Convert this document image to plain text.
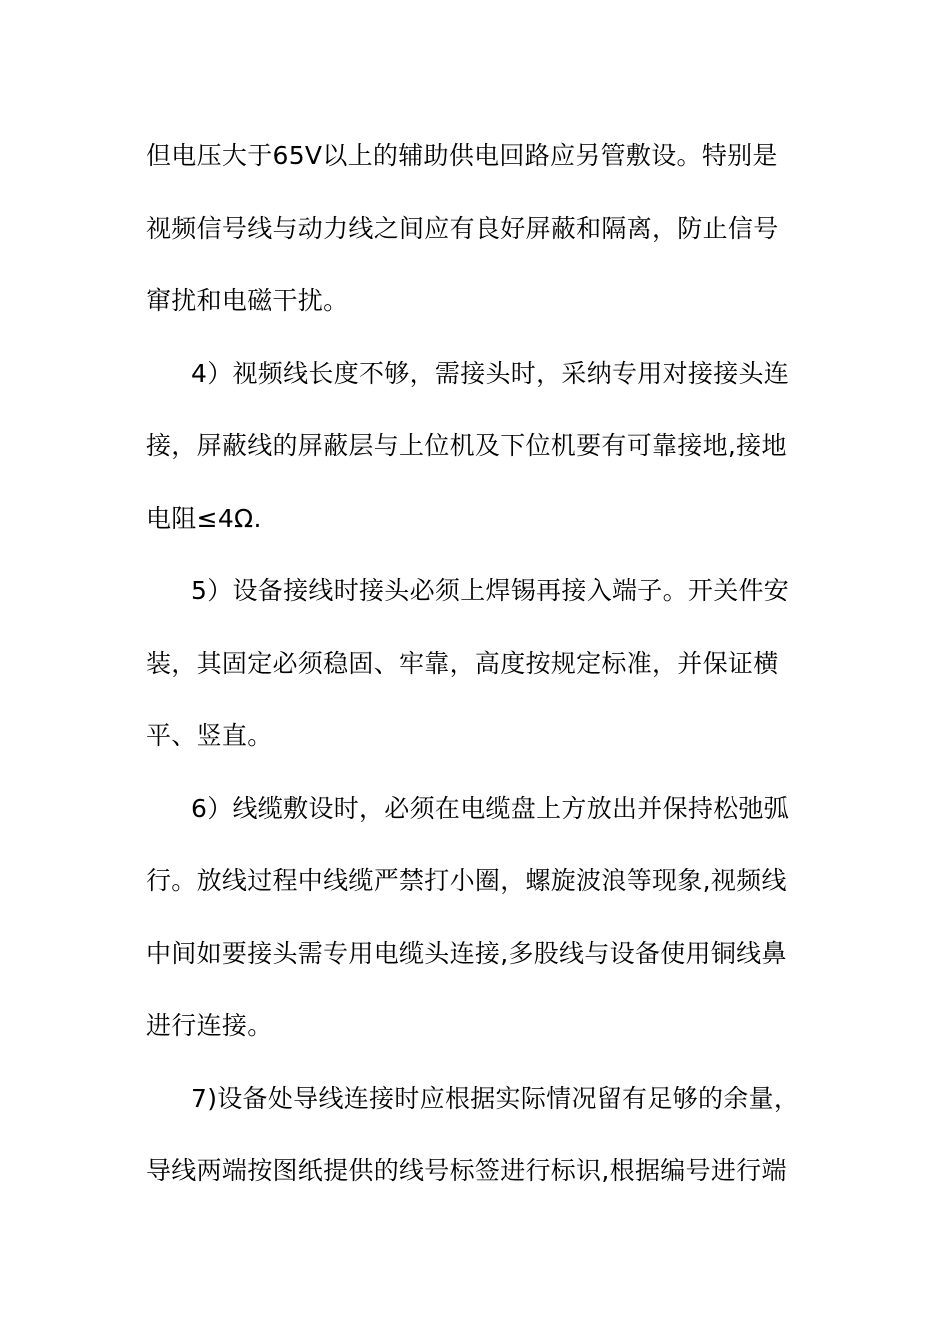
但电压大于65V以上的辅助供电回路应另管敷设。特别是
视频信号线与动力线之间应有良好屏蔽和隔离，防止信号
窜扰和电磁干扰。
4）视频线长度不够，需接头时，采纳专用对接接头连
接，屏蔽线的屏蔽层与上位机及下位机要有可靠接地,接地
电阻≤4Ω.
5）设备接线时接头必须上焊锡再接入端子。开关件安
装，其固定必须稳固、牢靠，高度按规定标准，并保证横
平、竖直。
6）线缆敷设时，必须在电缆盘上方放出并保持松弛弧
行。放线过程中线缆严禁打小圈，螺旋波浪等现象,视频线
中间如要接头需专用电缆头连接,多股线与设备使用铜线鼻
进行连接。
7)设备处导线连接时应根据实际情况留有足够的余量，
导线两端按图纸提供的线号标签进行标识,根据编号进行端
